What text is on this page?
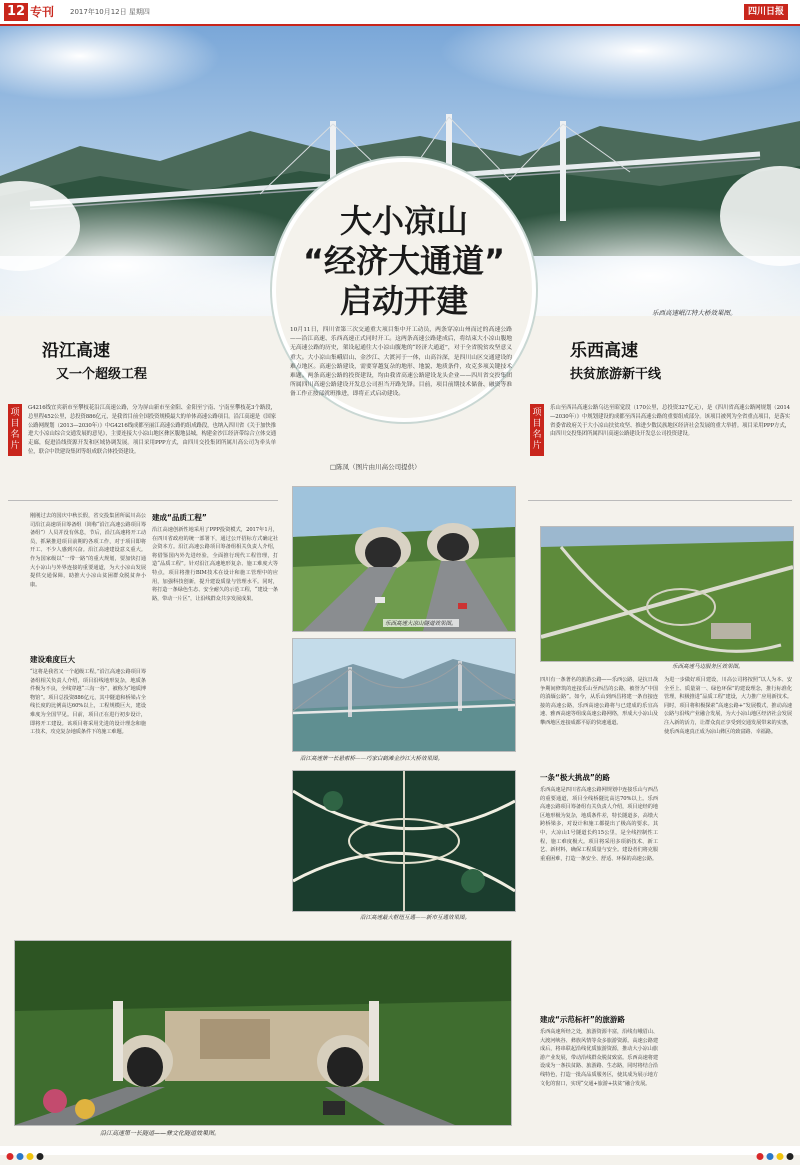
12 专刊 2017年10月12日 星期四	四川日报
大小凉山
“经济大通道”
启动开建	乐西高速岷江特大桥效果图。
10月11日，四川省第三次交通重大项目集中开工动员，两条穿凉山州而过的高速公路——沿江高速、乐西高速正式同时开工。这两条高速公路建成后，将结束大小凉山腹地无高速公路的历史，架设起通往大小凉山腹地的“经济大通道”，对于全省脱贫攻坚意义重大。大小凉山集峨眉山、金沙江、大渡河于一体，山高谷深，是四川山区交通建设的难点地区。高速公路建设，需要穿越复杂的地形、地貌、地质条件，攻克多项关键技术难题。两条高速公路的投资建设，均由我省高速公路建设龙头企业——四川省交投集团所属四川高速公路建设开发总公司担当开路先锋。目前，项目前期技术储备、融资等准备工作正按部就班推进，即将正式启动建设。
□陈凤（图片由川高公司提供）
沿江高速
又一个超级工程
项目名片
G4216线宜宾新市至攀枝花沿江高速公路，分为屏山新市至金阳、金阳至宁南、宁南至攀枝花3个路段，总里程452公里，总投资886亿元，是我省目前全国投资规模最大的单体高速公路项目。沿江高速是《国家公路网规划（2013—2030年）》中G4216线成都至丽江高速公路的组成路段，也纳入四川省《关于加快推进大小凉山综合交通发展的意见》，主要连接大小凉山地区彝区腹地县城，构建金沙江经济带综合立体交通走廊，促进沿线资源开发和区域协调发展。项目采用PPP方式，由四川交投集团所属川高公司为牵头单位，联合中铁建设集团等组成联合体投资建设。
乐西高速
扶贫旅游新干线
项目名片
乐山至西昌高速公路乌达至昭觉段（170公里，总投资327亿元），是《四川省高速公路网规划（2014—2030年）》中规划建设的成都至西昌高速公路的重要组成部分。该项目被列为全省重点项目，是落实省委省政府关于大小凉山扶贫攻坚、推进少数民族地区经济社会发展的重大举措。项目采用PPP方式，由四川交投集团所属四川高速公路建设开发总公司投资建设。
刚刚过去的国庆中秋长假，省交投集团所属川高公司沿江高速项目筹备组（简称“沿江高速公路项目筹备组”）人员并没有休息，节后，沿江高速将开工动员，抓紧推进项目前期的各项工作，对于项目即将开工、不少人感到兴奋。沿江高速建设意义重大。作为国家级以“一带一路”的重大规划，要加快打通大小凉山与外界连接的重要通道，为大小凉山发展提供交通保障，助推大小凉山贫困群众脱贫奔小康。
建设难度巨大
“这将是我省又一个超级工程。”沿江高速公路项目筹备组相关负责人介绍，项目沿线地形复杂，地质条件极为不良，全线穿越“三沟一谷”，被称为“地质博物馆”。项目总投资886亿元，其中隧道和桥梁占全线长度的比例高达60%以上，工程规模巨大，建设难度为全国罕见。目前，项目正在进行初步设计，即将开工建设。该项目将采用先进的设计理念和施工技术，攻克复杂地质条件下的施工难题。
建成“品质工程”
沿江高速创新性地采用了PPP投资模式，2017年1月，在四川省政府的统一部署下，通过公开招标方式确定社会资本方。沿江高速公路项目筹备组相关负责人介绍，将借鉴国内外先进经验，全面推行现代工程管理，打造“品质工程”。针对沿江高速地形复杂、施工难度大等特点，项目将推行BIM技术在设计和施工管理中的应用，加强科技创新，提升建设质量与管理水平。同时，将打造一条绿色生态、安全耐久的示范工程，“建设一条路，带动一片区”，让沿线群众共享发展成果。
乐西高速大凉山隧道效果图。
沿江高速第一长悬索桥——巧家白鹤滩金沙江大桥效果图。
沿江高速最大枢纽互通——新市互通效果图。
乐西高速马边服务区效果图。
四川有一条著名的旅游公路——乐西公路，是抗日战争期间修筑的连接乐山至西昌的公路，被誉为“中国的滇缅公路”。如今，从乐山到西昌将建一条直接连接的高速公路，乐西高速公路将与已建成的乐宜高速、雅西高速等组成高速公路网络，形成大小凉山及攀西地区连接成都平原的快速通道。
一条“极大挑战”的路
乐西高速是四川省高速公路网规划中连接乐山与西昌的重要通道，项目全线桥隧比高达70%以上。乐西高速公路项目筹备组有关负责人介绍，项目途经的地区地形极为复杂，地质条件差，特长隧道多，高墩大跨桥梁多，对设计和施工都提出了极高的要求。其中，大凉山1号隧道长约15公里，是全线控制性工程，施工难度极大。项目将采用多项新技术、新工艺、新材料，确保工程质量与安全。建设者们将克服重重困难，打造一条安全、舒适、环保的高速公路。
建成“示范标杆”的旅游路
乐西高速所经之处，旅游资源丰富，沿线有峨眉山、大渡河峡谷、彝族风情等众多旅游资源。高速公路建成后，将串联起沿线优质旅游资源，推动大小凉山旅游产业发展，带动沿线群众脱贫致富。乐西高速将建设成为一条扶贫路、旅游路、生态路，同时将结合沿线特色，打造一批高品质服务区，使其成为展示地方文化的窗口，实现“交通+旅游+扶贫”融合发展。
为进一步做好项目建设，川高公司将按照“以人为本、安全至上、质量第一、绿色环保”的建设理念，推行标准化管理，积极推进“品质工程”建设，大力推广应用新技术。同时，项目将积极探索“高速公路+”发展模式，推动高速公路与沿线产业融合发展，为大小凉山地区经济社会发展注入新的活力，让群众真正享受到交通发展带来的实惠，使乐西高速真正成为凉山彝区的致富路、幸福路。
沿江高速第一长隧道——彝文化隧道效果图。
